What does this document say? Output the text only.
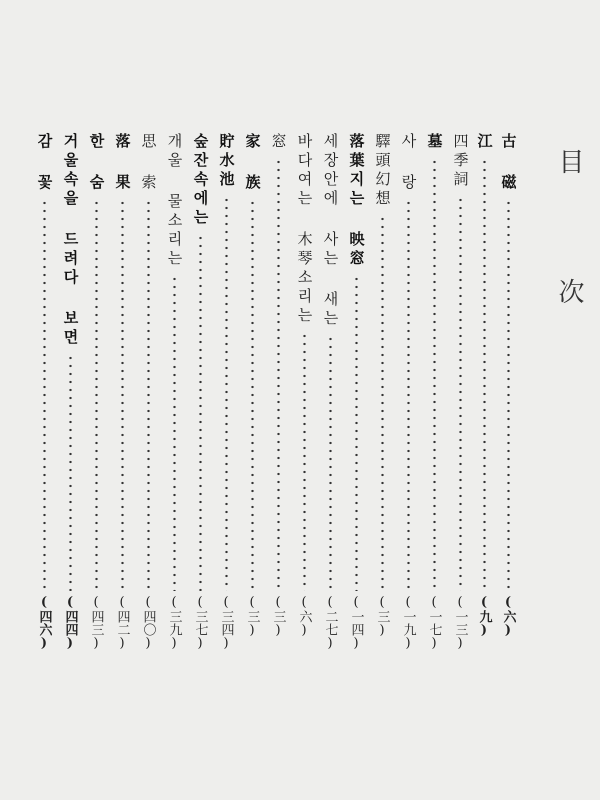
目 次
古 磁
(六)
江
(九)
四季詞
(一三)
墓
(一七)
사 랑
(一九)
驛頭幻想
(三)
落葉지는 映窓
(一四)
세장안에 사는 새는
(二七)
바다여는 木琴소리는
(六)
窓
(三)
家 族
(三)
貯水池
(三四)
숲잔속에는
(三七)
개울 물소리는
(三九)
思 索
(四〇)
落 果
(四二)
한 숨
(四三)
거울속을 드려다 보면
(四四)
감 꽃
(四六)
